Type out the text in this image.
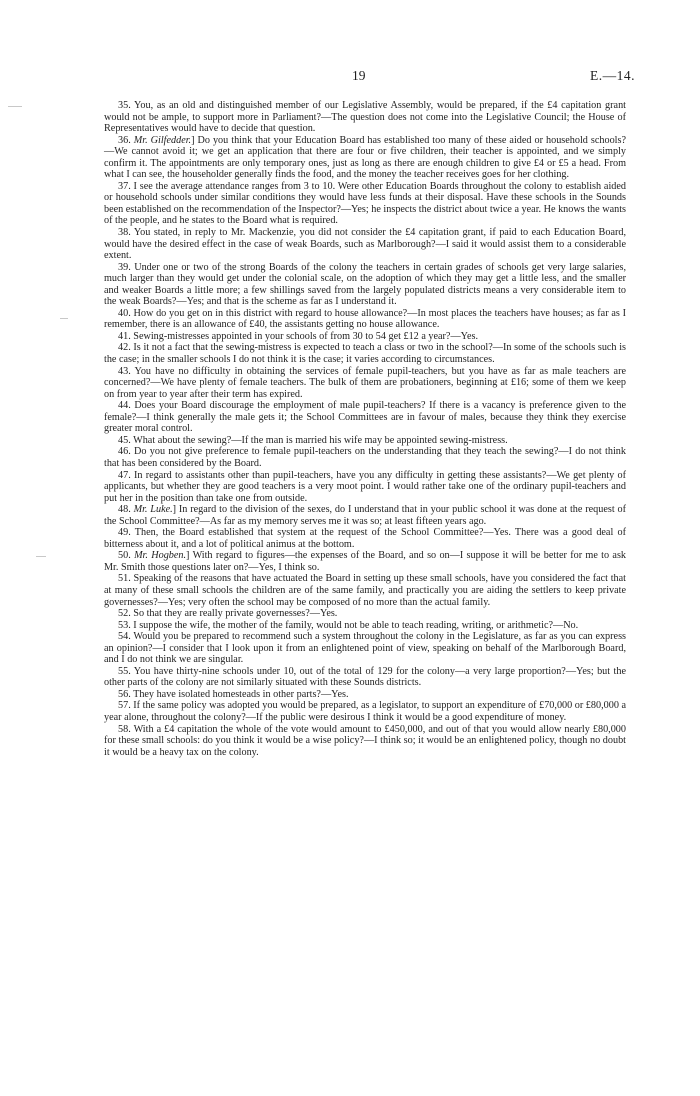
19	E.—14.

35. You, as an old and distinguished member of our Legislative Assembly, would be prepared, if the £4 capitation grant would not be ample, to support more in Parliament?—The question does not come into the Legislative Council; the House of Representatives would have to decide that question.

36. Mr. Gilfedder.] Do you think that your Education Board has established too many of these aided or household schools?—We cannot avoid it; we get an application that there are four or five children, their teacher is appointed, and we simply confirm it. The appointments are only temporary ones, just as long as there are enough children to give £4 or £5 a head. From what I can see, the householder generally finds the food, and the money the teacher receives goes for her clothing.

37. I see the average attendance ranges from 3 to 10. Were other Education Boards throughout the colony to establish aided or household schools under similar conditions they would have less funds at their disposal. Have these schools in the Sounds been established on the recommendation of the Inspector?—Yes; he inspects the district about twice a year. He knows the wants of the people, and he states to the Board what is required.

38. You stated, in reply to Mr. Mackenzie, you did not consider the £4 capitation grant, if paid to each Education Board, would have the desired effect in the case of weak Boards, such as Marlborough?—I said it would assist them to a considerable extent.

39. Under one or two of the strong Boards of the colony the teachers in certain grades of schools get very large salaries, much larger than they would get under the colonial scale, on the adoption of which they may get a little less, and the smaller and weaker Boards a little more; a few shillings saved from the largely populated districts means a very considerable item to the weak Boards?—Yes; and that is the scheme as far as I understand it.

40. How do you get on in this district with regard to house allowance?—In most places the teachers have houses; as far as I remember, there is an allowance of £40, the assistants getting no house allowance.

41. Sewing-mistresses appointed in your schools of from 30 to 54 get £12 a year?—Yes.

42. Is it not a fact that the sewing-mistress is expected to teach a class or two in the school?—In some of the schools such is the case; in the smaller schools I do not think it is the case; it varies according to circumstances.

43. You have no difficulty in obtaining the services of female pupil-teachers, but you have as far as male teachers are concerned?—We have plenty of female teachers. The bulk of them are probationers, beginning at £16; some of them we keep on from year to year after their term has expired.

44. Does your Board discourage the employment of male pupil-teachers? If there is a vacancy is preference given to the female?—I think generally the male gets it; the School Committees are in favour of males, because they think they exercise greater moral control.

45. What about the sewing?—If the man is married his wife may be appointed sewing-mistress.

46. Do you not give preference to female pupil-teachers on the understanding that they teach the sewing?—I do not think that has been considered by the Board.

47. In regard to assistants other than pupil-teachers, have you any difficulty in getting these assistants?—We get plenty of applicants, but whether they are good teachers is a very moot point. I would rather take one of the ordinary pupil-teachers and put her in the position than take one from outside.

48. Mr. Luke.] In regard to the division of the sexes, do I understand that in your public school it was done at the request of the School Committee?—As far as my memory serves me it was so; at least fifteen years ago.

49. Then, the Board established that system at the request of the School Committee?—Yes. There was a good deal of bitterness about it, and a lot of political animus at the bottom.

50. Mr. Hogben.] With regard to figures—the expenses of the Board, and so on—I suppose it will be better for me to ask Mr. Smith those questions later on?—Yes, I think so.

51. Speaking of the reasons that have actuated the Board in setting up these small schools, have you considered the fact that at many of these small schools the children are of the same family, and practically you are aiding the settlers to keep private governesses?—Yes; very often the school may be composed of no more than the actual family.

52. So that they are really private governesses?—Yes.

53. I suppose the wife, the mother of the family, would not be able to teach reading, writing, or arithmetic?—No.

54. Would you be prepared to recommend such a system throughout the colony in the Legislature, as far as you can express an opinion?—I consider that I look upon it from an enlightened point of view, speaking on behalf of the Marlborough Board, and I do not think we are singular.

55. You have thirty-nine schools under 10, out of the total of 129 for the colony—a very large proportion?—Yes; but the other parts of the colony are not similarly situated with these Sounds districts.

56. They have isolated homesteads in other parts?—Yes.

57. If the same policy was adopted you would be prepared, as a legislator, to support an expenditure of £70,000 or £80,000 a year alone, throughout the colony?—If the public were desirous I think it would be a good expenditure of money.

58. With a £4 capitation the whole of the vote would amount to £450,000, and out of that you would allow nearly £80,000 for these small schools: do you think it would be a wise policy?—I think so; it would be an enlightened policy, though no doubt it would be a heavy tax on the colony.
